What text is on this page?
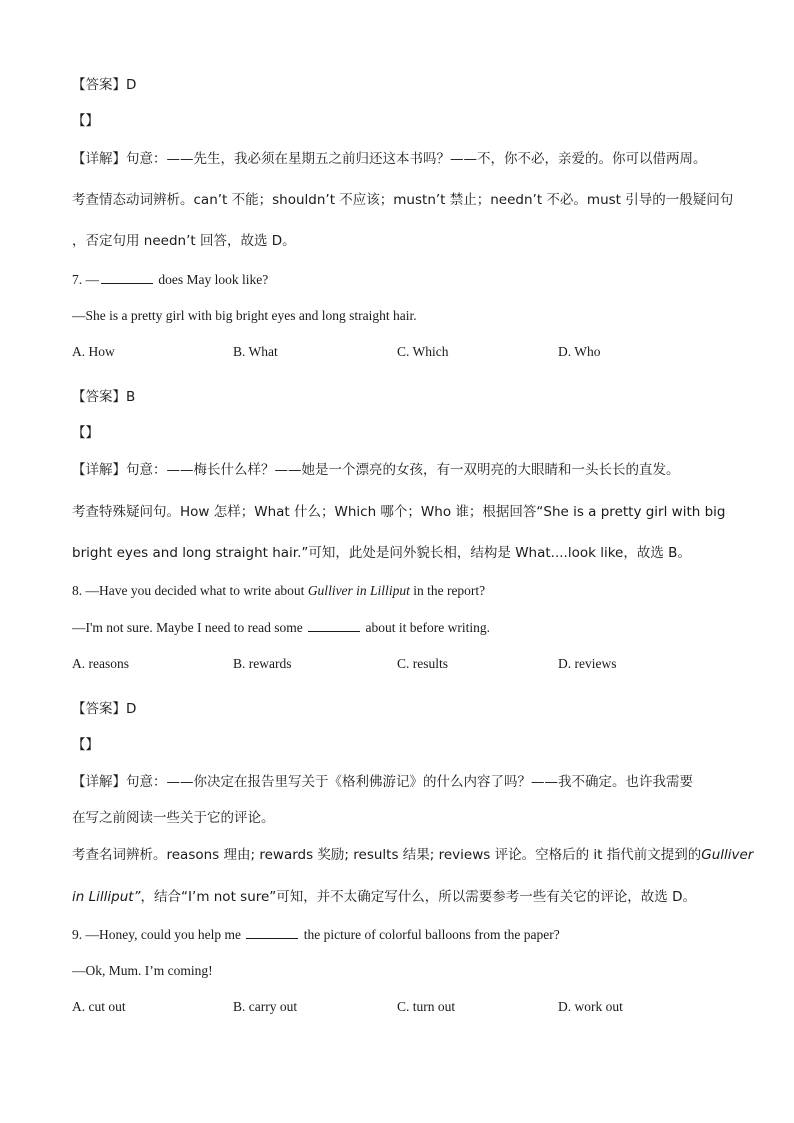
【答案】D
【】
【详解】句意：——先生，我必须在星期五之前归还这本书吗？——不，你不必，亲爱的。你可以借两周。
考查情态动词辨析。can’t 不能；shouldn’t 不应该；mustn’t 禁止；needn’t 不必。must 引导的一般疑问句
，否定句用 needn’t 回答，故选 D。
7. —	does May look like?
—She is a pretty girl with big bright eyes and long straight hair.
A. How	B. What	C. Which	D. Who
【答案】B
【】
【详解】句意：——梅长什么样？——她是一个漂亮的女孩，有一双明亮的大眼睛和一头长长的直发。
考查特殊疑问句。How 怎样；What 什么；Which 哪个；Who 谁；根据回答“She is a pretty girl with big
bright eyes and long straight hair.”可知，此处是问外貌长相，结构是 What....look like，故选 B。
8. —Have you decided what to write about Gulliver in Lilliput in the report?
—I'm not sure. Maybe I need to read some	about it before writing.
A. reasons	B. rewards	C. results	D. reviews
【答案】D
【】
【详解】句意：——你决定在报告里写关于《格利佛游记》的什么内容了吗？——我不确定。也许我需要
在写之前阅读一些关于它的评论。
考查名词辨析。reasons 理由; rewards 奖励; results 结果; reviews 评论。空格后的 it 指代前文提到的Gulliver
in Lilliput”，结合“I’m not sure”可知，并不太确定写什么，所以需要参考一些有关它的评论，故选 D。
9. —Honey, could you help me	the picture of colorful balloons from the paper?
—Ok, Mum. I’m coming!
A. cut out	B. carry out	C. turn out	D. work out
